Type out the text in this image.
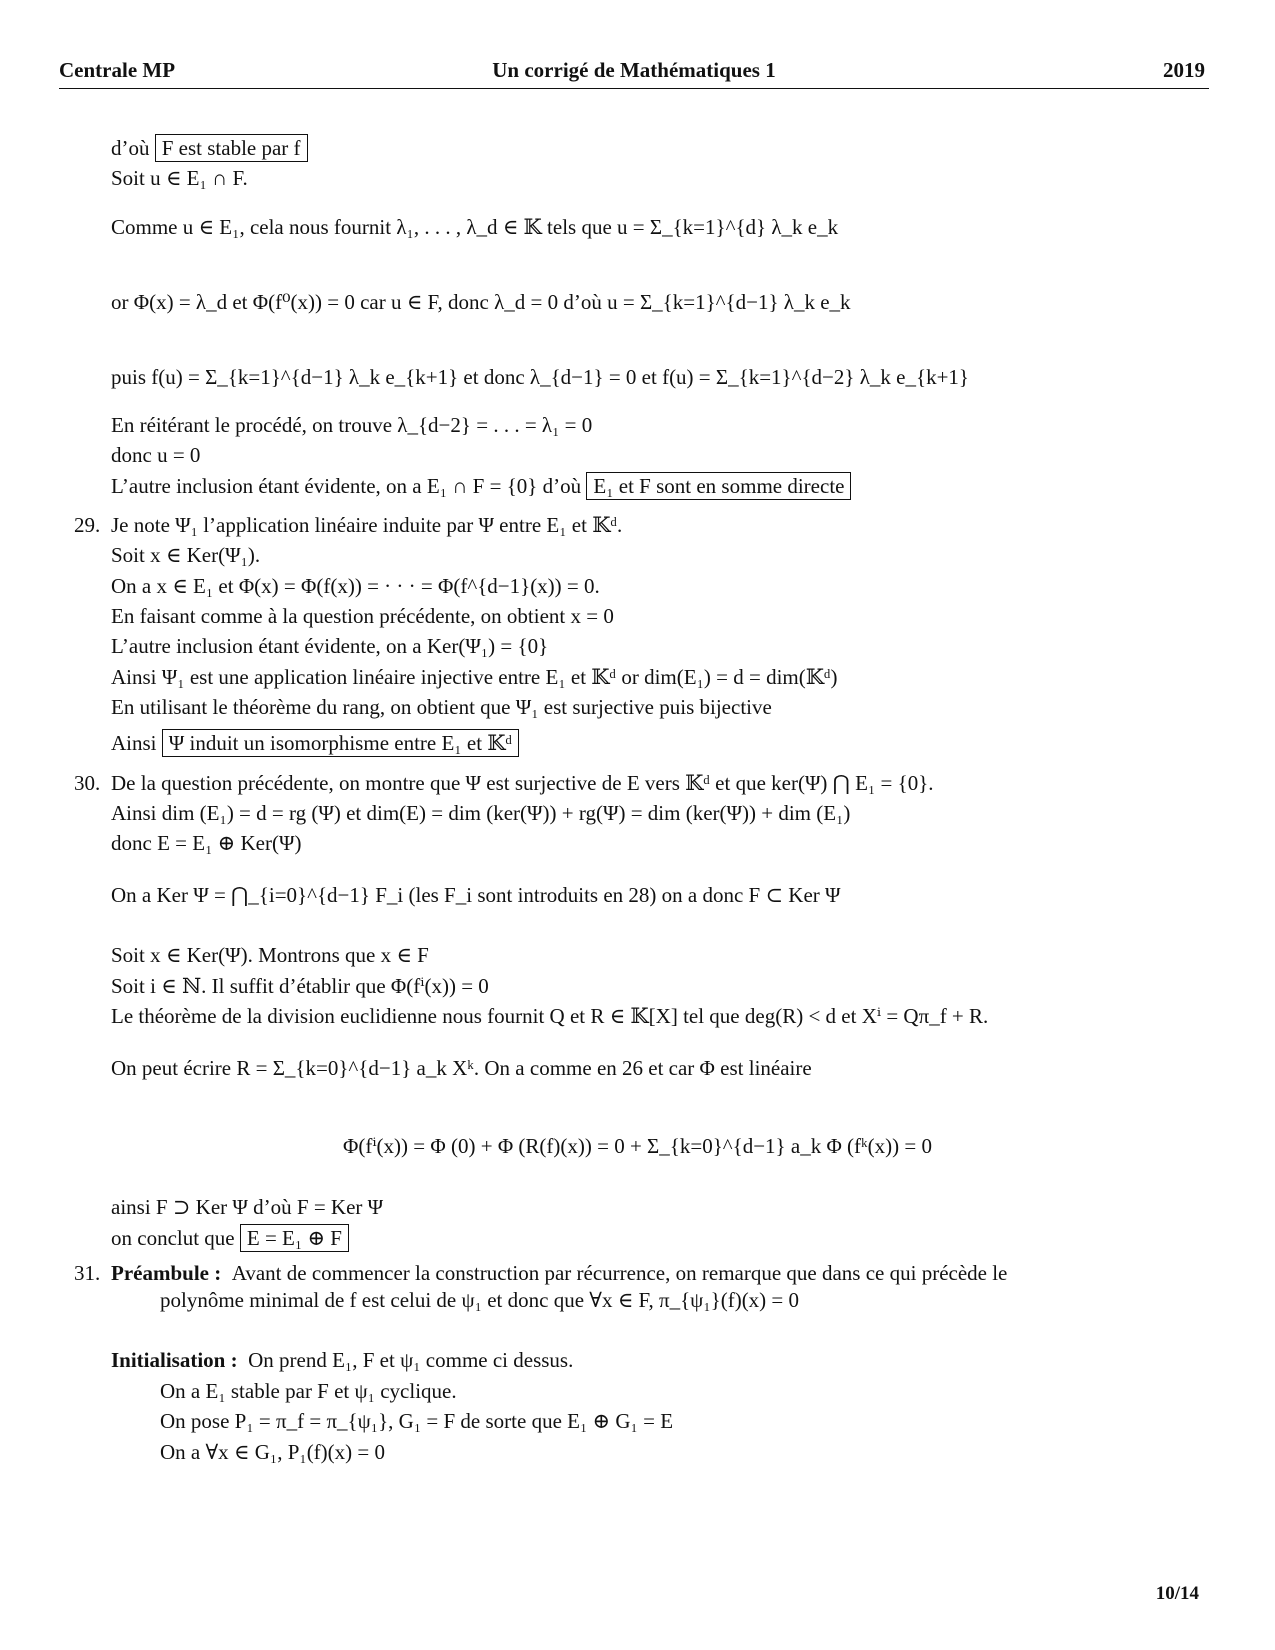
Centrale MP	Un corrigé de Mathématiques 1	2019
d’où F est stable par f
Soit u ∈ E₁ ∩ F.
Comme u ∈ E₁, cela nous fournit λ₁, . . . , λ_d ∈ 𝕂 tels que u = Σ_{k=1}^{d} λ_k e_k
or Φ(x) = λ_d et Φ(f⁰(x)) = 0 car u ∈ F, donc λ_d = 0 d’où u = Σ_{k=1}^{d−1} λ_k e_k
puis f(u) = Σ_{k=1}^{d−1} λ_k e_{k+1} et donc λ_{d−1} = 0 et f(u) = Σ_{k=1}^{d−2} λ_k e_{k+1}
En réitérant le procédé, on trouve λ_{d−2} = . . . = λ₁ = 0
donc u = 0
L’autre inclusion étant évidente, on a E₁ ∩ F = {0} d’où E₁ et F sont en somme directe
29. Je note Ψ₁ l’application linéaire induite par Ψ entre E₁ et 𝕂ᵈ.
Soit x ∈ Ker(Ψ₁).
On a x ∈ E₁ et Φ(x) = Φ(f(x)) = · · · = Φ(f^{d−1}(x)) = 0.
En faisant comme à la question précédente, on obtient x = 0
L’autre inclusion étant évidente, on a Ker(Ψ₁) = {0}
Ainsi Ψ₁ est une application linéaire injective entre E₁ et 𝕂ᵈ or dim(E₁) = d = dim(𝕂ᵈ)
En utilisant le théorème du rang, on obtient que Ψ₁ est surjective puis bijective
Ainsi Ψ induit un isomorphisme entre E₁ et 𝕂ᵈ
30. De la question précédente, on montre que Ψ est surjective de E vers 𝕂ᵈ et que ker(Ψ) ⋂ E₁ = {0}.
Ainsi dim (E₁) = d = rg (Ψ) et dim(E) = dim (ker(Ψ)) + rg(Ψ) = dim (ker(Ψ)) + dim (E₁)
donc E = E₁ ⊕ Ker(Ψ)
On a Ker Ψ = ⋂_{i=0}^{d−1} F_i (les F_i sont introduits en 28) on a donc F ⊂ Ker Ψ
Soit x ∈ Ker(Ψ). Montrons que x ∈ F
Soit i ∈ ℕ. Il suffit d’établir que Φ(fⁱ(x)) = 0
Le théorème de la division euclidienne nous fournit Q et R ∈ 𝕂[X] tel que deg(R) < d et Xⁱ = Qπ_f + R.
On peut écrire R = Σ_{k=0}^{d−1} a_k Xᵏ. On a comme en 26 et car Φ est linéaire
Φ(fⁱ(x)) = Φ (0) + Φ (R(f)(x)) = 0 + Σ_{k=0}^{d−1} a_k Φ (fᵏ(x)) = 0
ainsi F ⊃ Ker Ψ d’où F = Ker Ψ
on conclut que E = E₁ ⊕ F
31. Préambule : Avant de commencer la construction par récurrence, on remarque que dans ce qui précède le
polynôme minimal de f est celui de ψ₁ et donc que ∀x ∈ F, π_{ψ₁}(f)(x) = 0
Initialisation : On prend E₁, F et ψ₁ comme ci dessus.
On a E₁ stable par F et ψ₁ cyclique.
On pose P₁ = π_f = π_{ψ₁}, G₁ = F de sorte que E₁ ⊕ G₁ = E
On a ∀x ∈ G₁, P₁(f)(x) = 0
10/14
